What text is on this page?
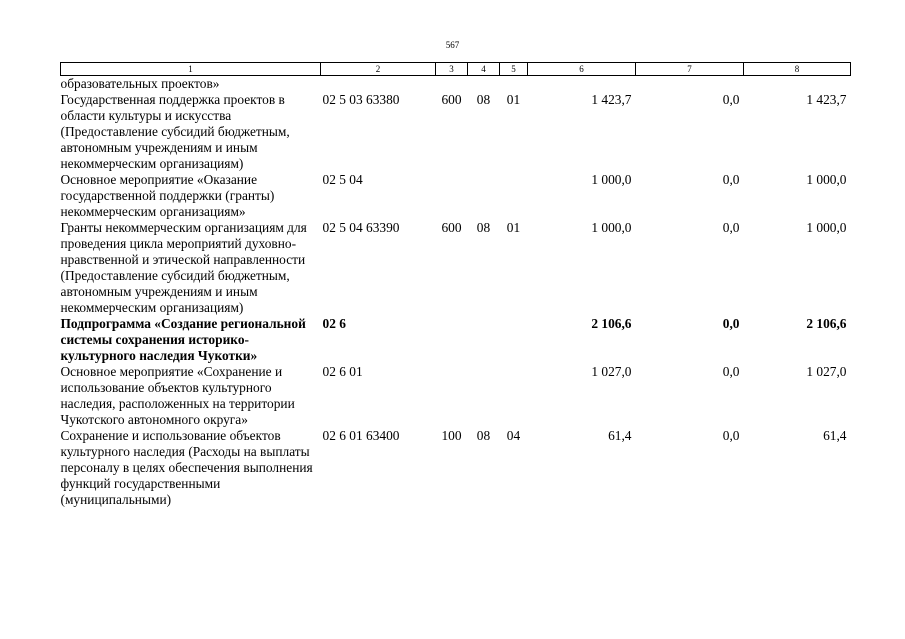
567
1	2	3	4	5	6	7	8
образовательных проектов»							
Государственная поддержка проектов в области культуры и искусства (Предоставление субсидий бюджетным, автономным учреждениям и иным некоммерческим организациям)	02 5 03 63380	600	08	01	1 423,7	0,0	1 423,7
Основное мероприятие «Оказание государственной поддержки (гранты) некоммерческим организациям»	02 5 04				1 000,0	0,0	1 000,0
Гранты некоммерческим организациям для проведения цикла мероприятий духовно-нравственной и этической направленности (Предоставление субсидий бюджетным, автономным учреждениям и иным некоммерческим организациям)	02 5 04 63390	600	08	01	1 000,0	0,0	1 000,0
Подпрограмма «Создание региональной системы сохранения историко-культурного наследия Чукотки»	02 6				2 106,6	0,0	2 106,6
Основное мероприятие «Сохранение и использование объектов культурного наследия, расположенных на территории Чукотского автономного округа»	02 6 01				1 027,0	0,0	1 027,0
Сохранение и использование объектов культурного наследия (Расходы на выплаты персоналу в целях обеспечения выполнения функций государственными (муниципальными)	02 6 01 63400	100	08	04	61,4	0,0	61,4
